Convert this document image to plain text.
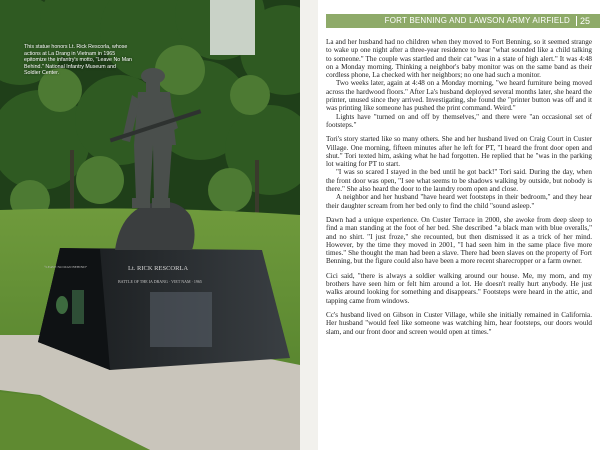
Lt. RICK RESCORLA
BATTLE OF THE IA DRANG · VIET NAM · 1965
“LEAVE NO MAN BEHIND”
This statue honors Lt. Rick Rescorla, whose actions at La Drang in Vietnam in 1965 epitomize the infantry's motto, "Leave No Man Behind." National Infantry Museum and Soldier Center.
FORT BENNING AND LAWSON ARMY AIRFIELD 25

La and her husband had no children when they moved to Fort Benning, so it seemed strange to wake up one night after a three-year residence to hear "what sounded like a child talking to someone." The couple was startled and their cat "was in a state of high alert." It was 4:48 on a Monday morning. Thinking a neighbor's baby monitor was on the same band as their cordless phone, La checked with her neighbors; no one had such a monitor.

Two weeks later, again at 4:48 on a Monday morning, "we heard furniture being moved across the hardwood floors." After La's husband deployed several months later, she heard the printer, unused since they arrived. Investigating, she found the "printer button was off and it was printing like someone has pushed the print command. Weird."

Lights have "turned on and off by themselves," and there were "an occasional set of footsteps."

Tori's story started like so many others. She and her husband lived on Craig Court in Custer Village. One morning, fifteen minutes after he left for PT, "I heard the front door open and shut." Tori texted him, asking what he had forgotten. He replied that he "was in the parking lot waiting for PT to start.

"I was so scared I stayed in the bed until he got back!" Tori said. During the day, when the front door was open, "I see what seems to be shadows walking by outside, but nobody is there." She also heard the door to the laundry room open and close.

A neighbor and her husband "have heard wet footsteps in their bedroom," and they hear their daughter scream from her bed only to find the child "sound asleep."

Dawn had a unique experience. On Custer Terrace in 2000, she awoke from deep sleep to find a man standing at the foot of her bed. She described "a black man with blue overalls," and no shirt. "I just froze," she recounted, but then dismissed it as a trick of her mind. However, by the time they moved in 2001, "I had seen him in the same place five more times." She thought the man had been a slave. There had been slaves on the property of Fort Benning, but the figure could also have been a more recent sharecropper or a farm owner.

Cici said, "there is always a soldier walking around our house. Me, my mom, and my brothers have seen him or felt him around a lot. He doesn't really hurt anybody. He just walks around looking for something and disappears." Footsteps were heard in the attic, and tapping came from windows.

Cc's husband lived on Gibson in Custer Village, while she initially remained in California. Her husband "would feel like someone was watching him, hear footsteps, our doors would slam, and our front door and screen would open at times."
